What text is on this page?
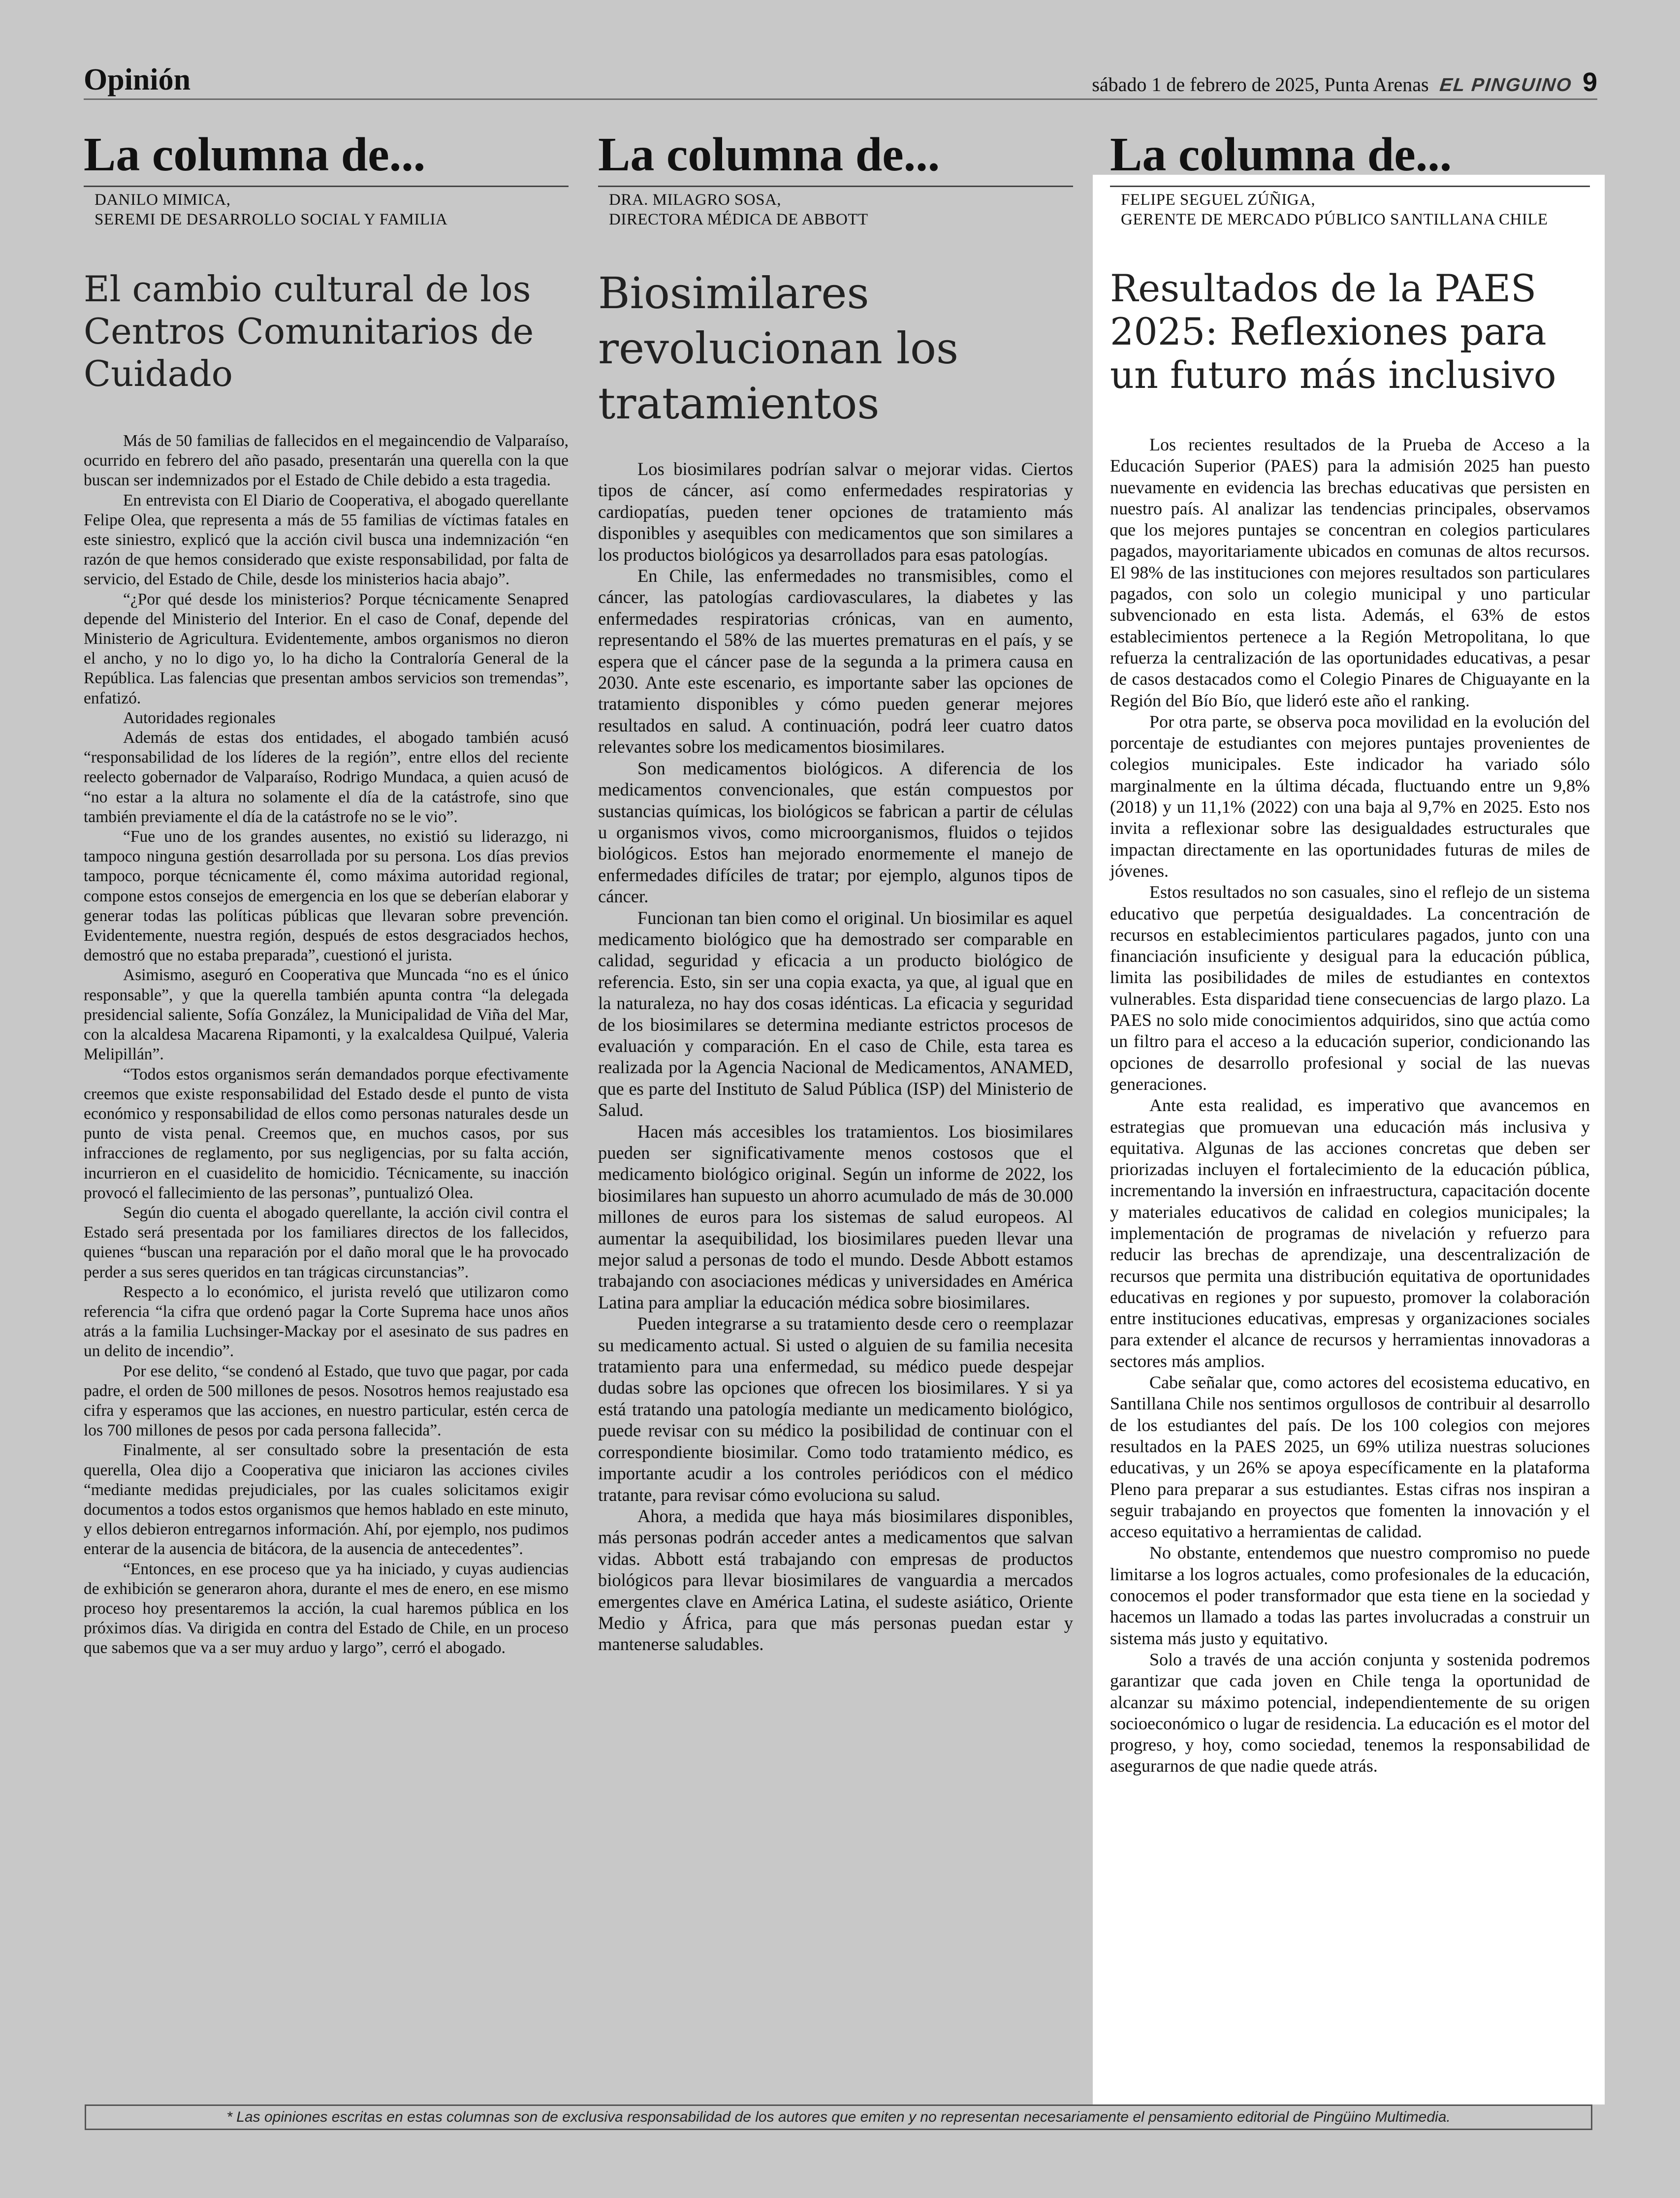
Opinión	sábado 1 de febrero de 2025, Punta Arenas EL PINGUINO 9
La columna de...
DANILO MIMICA,
SEREMI DE DESARROLLO SOCIAL Y FAMILIA
El cambio cultural de los Centros Comunitarios de Cuidado

Más de 50 familias de fallecidos en el megaincendio de Valparaíso, ocurrido en febrero del año pasado, presentarán una querella con la que buscan ser indemnizados por el Estado de Chile debido a esta tragedia.

En entrevista con El Diario de Cooperativa, el abogado querellante Felipe Olea, que representa a más de 55 familias de víctimas fatales en este siniestro, explicó que la acción civil busca una indemnización “en razón de que hemos considerado que existe responsabilidad, por falta de servicio, del Estado de Chile, desde los ministerios hacia abajo”.

“¿Por qué desde los ministerios? Porque técnicamente Senapred depende del Ministerio del Interior. En el caso de Conaf, depende del Ministerio de Agricultura. Evidentemente, ambos organismos no dieron el ancho, y no lo digo yo, lo ha dicho la Contraloría General de la República. Las falencias que presentan ambos servicios son tremendas”, enfatizó.

Autoridades regionales

Además de estas dos entidades, el abogado también acusó “responsabilidad de los líderes de la región”, entre ellos del reciente reelecto gobernador de Valparaíso, Rodrigo Mundaca, a quien acusó de “no estar a la altura no solamente el día de la catástrofe, sino que también previamente el día de la catástrofe no se le vio”.

“Fue uno de los grandes ausentes, no existió su liderazgo, ni tampoco ninguna gestión desarrollada por su persona. Los días previos tampoco, porque técnicamente él, como máxima autoridad regional, compone estos consejos de emergencia en los que se deberían elaborar y generar todas las políticas públicas que llevaran sobre prevención. Evidentemente, nuestra región, después de estos desgraciados hechos, demostró que no estaba preparada”, cuestionó el jurista.

Asimismo, aseguró en Cooperativa que Muncada “no es el único responsable”, y que la querella también apunta contra “la delegada presidencial saliente, Sofía González, la Municipalidad de Viña del Mar, con la alcaldesa Macarena Ripamonti, y la exalcaldesa Quilpué, Valeria Melipillán”.

“Todos estos organismos serán demandados porque efectivamente creemos que existe responsabilidad del Estado desde el punto de vista económico y responsabilidad de ellos como personas naturales desde un punto de vista penal. Creemos que, en muchos casos, por sus infracciones de reglamento, por sus negligencias, por su falta acción, incurrieron en el cuasidelito de homicidio. Técnicamente, su inacción provocó el fallecimiento de las personas”, puntualizó Olea.

Según dio cuenta el abogado querellante, la acción civil contra el Estado será presentada por los familiares directos de los fallecidos, quienes “buscan una reparación por el daño moral que le ha provocado perder a sus seres queridos en tan trágicas circunstancias”.

Respecto a lo económico, el jurista reveló que utilizaron como referencia “la cifra que ordenó pagar la Corte Suprema hace unos años atrás a la familia Luchsinger-Mackay por el asesinato de sus padres en un delito de incendio”.

Por ese delito, “se condenó al Estado, que tuvo que pagar, por cada padre, el orden de 500 millones de pesos. Nosotros hemos reajustado esa cifra y esperamos que las acciones, en nuestro particular, estén cerca de los 700 millones de pesos por cada persona fallecida”.

Finalmente, al ser consultado sobre la presentación de esta querella, Olea dijo a Cooperativa que iniciaron las acciones civiles “mediante medidas prejudiciales, por las cuales solicitamos exigir documentos a todos estos organismos que hemos hablado en este minuto, y ellos debieron entregarnos información. Ahí, por ejemplo, nos pudimos enterar de la ausencia de bitácora, de la ausencia de antecedentes”.

“Entonces, en ese proceso que ya ha iniciado, y cuyas audiencias de exhibición se generaron ahora, durante el mes de enero, en ese mismo proceso hoy presentaremos la acción, la cual haremos pública en los próximos días. Va dirigida en contra del Estado de Chile, en un proceso que sabemos que va a ser muy arduo y largo”, cerró el abogado.

La columna de...
DRA. MILAGRO SOSA,
DIRECTORA MÉDICA DE ABBOTT
Biosimilares revolucionan los tratamientos

Los biosimilares podrían salvar o mejorar vidas. Ciertos tipos de cáncer, así como enfermedades respiratorias y cardiopatías, pueden tener opciones de tratamiento más disponibles y asequibles con medicamentos que son similares a los productos biológicos ya desarrollados para esas patologías.

En Chile, las enfermedades no transmisibles, como el cáncer, las patologías cardiovasculares, la diabetes y las enfermedades respiratorias crónicas, van en aumento, representando el 58% de las muertes prematuras en el país, y se espera que el cáncer pase de la segunda a la primera causa en 2030. Ante este escenario, es importante saber las opciones de tratamiento disponibles y cómo pueden generar mejores resultados en salud. A continuación, podrá leer cuatro datos relevantes sobre los medicamentos biosimilares.

Son medicamentos biológicos. A diferencia de los medicamentos convencionales, que están compuestos por sustancias químicas, los biológicos se fabrican a partir de células u organismos vivos, como microorganismos, fluidos o tejidos biológicos. Estos han mejorado enormemente el manejo de enfermedades difíciles de tratar; por ejemplo, algunos tipos de cáncer.

Funcionan tan bien como el original. Un biosimilar es aquel medicamento biológico que ha demostrado ser comparable en calidad, seguridad y eficacia a un producto biológico de referencia. Esto, sin ser una copia exacta, ya que, al igual que en la naturaleza, no hay dos cosas idénticas. La eficacia y seguridad de los biosimilares se determina mediante estrictos procesos de evaluación y comparación. En el caso de Chile, esta tarea es realizada por la Agencia Nacional de Medicamentos, ANAMED, que es parte del Instituto de Salud Pública (ISP) del Ministerio de Salud.

Hacen más accesibles los tratamientos. Los biosimilares pueden ser significativamente menos costosos que el medicamento biológico original. Según un informe de 2022, los biosimilares han supuesto un ahorro acumulado de más de 30.000 millones de euros para los sistemas de salud europeos. Al aumentar la asequibilidad, los biosimilares pueden llevar una mejor salud a personas de todo el mundo. Desde Abbott estamos trabajando con asociaciones médicas y universidades en América Latina para ampliar la educación médica sobre biosimilares.

Pueden integrarse a su tratamiento desde cero o reemplazar su medicamento actual. Si usted o alguien de su familia necesita tratamiento para una enfermedad, su médico puede despejar dudas sobre las opciones que ofrecen los biosimilares. Y si ya está tratando una patología mediante un medicamento biológico, puede revisar con su médico la posibilidad de continuar con el correspondiente biosimilar. Como todo tratamiento médico, es importante acudir a los controles periódicos con el médico tratante, para revisar cómo evoluciona su salud.

Ahora, a medida que haya más biosimilares disponibles, más personas podrán acceder antes a medicamentos que salvan vidas. Abbott está trabajando con empresas de productos biológicos para llevar biosimilares de vanguardia a mercados emergentes clave en América Latina, el sudeste asiático, Oriente Medio y África, para que más personas puedan estar y mantenerse saludables.

La columna de...
FELIPE SEGUEL ZÚÑIGA,
GERENTE DE MERCADO PÚBLICO SANTILLANA CHILE
Resultados de la PAES 2025: Reflexiones para un futuro más inclusivo

Los recientes resultados de la Prueba de Acceso a la Educación Superior (PAES) para la admisión 2025 han puesto nuevamente en evidencia las brechas educativas que persisten en nuestro país. Al analizar las tendencias principales, observamos que los mejores puntajes se concentran en colegios particulares pagados, mayoritariamente ubicados en comunas de altos recursos. El 98% de las instituciones con mejores resultados son particulares pagados, con solo un colegio municipal y uno particular subvencionado en esta lista. Además, el 63% de estos establecimientos pertenece a la Región Metropolitana, lo que refuerza la centralización de las oportunidades educativas, a pesar de casos destacados como el Colegio Pinares de Chiguayante en la Región del Bío Bío, que lideró este año el ranking.

Por otra parte, se observa poca movilidad en la evolución del porcentaje de estudiantes con mejores puntajes provenientes de colegios municipales. Este indicador ha variado sólo marginalmente en la última década, fluctuando entre un 9,8% (2018) y un 11,1% (2022) con una baja al 9,7% en 2025. Esto nos invita a reflexionar sobre las desigualdades estructurales que impactan directamente en las oportunidades futuras de miles de jóvenes.

Estos resultados no son casuales, sino el reflejo de un sistema educativo que perpetúa desigualdades. La concentración de recursos en establecimientos particulares pagados, junto con una financiación insuficiente y desigual para la educación pública, limita las posibilidades de miles de estudiantes en contextos vulnerables. Esta disparidad tiene consecuencias de largo plazo. La PAES no solo mide conocimientos adquiridos, sino que actúa como un filtro para el acceso a la educación superior, condicionando las opciones de desarrollo profesional y social de las nuevas generaciones.

Ante esta realidad, es imperativo que avancemos en estrategias que promuevan una educación más inclusiva y equitativa. Algunas de las acciones concretas que deben ser priorizadas incluyen el fortalecimiento de la educación pública, incrementando la inversión en infraestructura, capacitación docente y materiales educativos de calidad en colegios municipales; la implementación de programas de nivelación y refuerzo para reducir las brechas de aprendizaje, una descentralización de recursos que permita una distribución equitativa de oportunidades educativas en regiones y por supuesto, promover la colaboración entre instituciones educativas, empresas y organizaciones sociales para extender el alcance de recursos y herramientas innovadoras a sectores más amplios.

Cabe señalar que, como actores del ecosistema educativo, en Santillana Chile nos sentimos orgullosos de contribuir al desarrollo de los estudiantes del país. De los 100 colegios con mejores resultados en la PAES 2025, un 69% utiliza nuestras soluciones educativas, y un 26% se apoya específicamente en la plataforma Pleno para preparar a sus estudiantes. Estas cifras nos inspiran a seguir trabajando en proyectos que fomenten la innovación y el acceso equitativo a herramientas de calidad.

No obstante, entendemos que nuestro compromiso no puede limitarse a los logros actuales, como profesionales de la educación, conocemos el poder transformador que esta tiene en la sociedad y hacemos un llamado a todas las partes involucradas a construir un sistema más justo y equitativo.

Solo a través de una acción conjunta y sostenida podremos garantizar que cada joven en Chile tenga la oportunidad de alcanzar su máximo potencial, independientemente de su origen socioeconómico o lugar de residencia. La educación es el motor del progreso, y hoy, como sociedad, tenemos la responsabilidad de asegurarnos de que nadie quede atrás.

* Las opiniones escritas en estas columnas son de exclusiva responsabilidad de los autores que emiten y no representan necesariamente el pensamiento editorial de Pingüino Multimedia.
